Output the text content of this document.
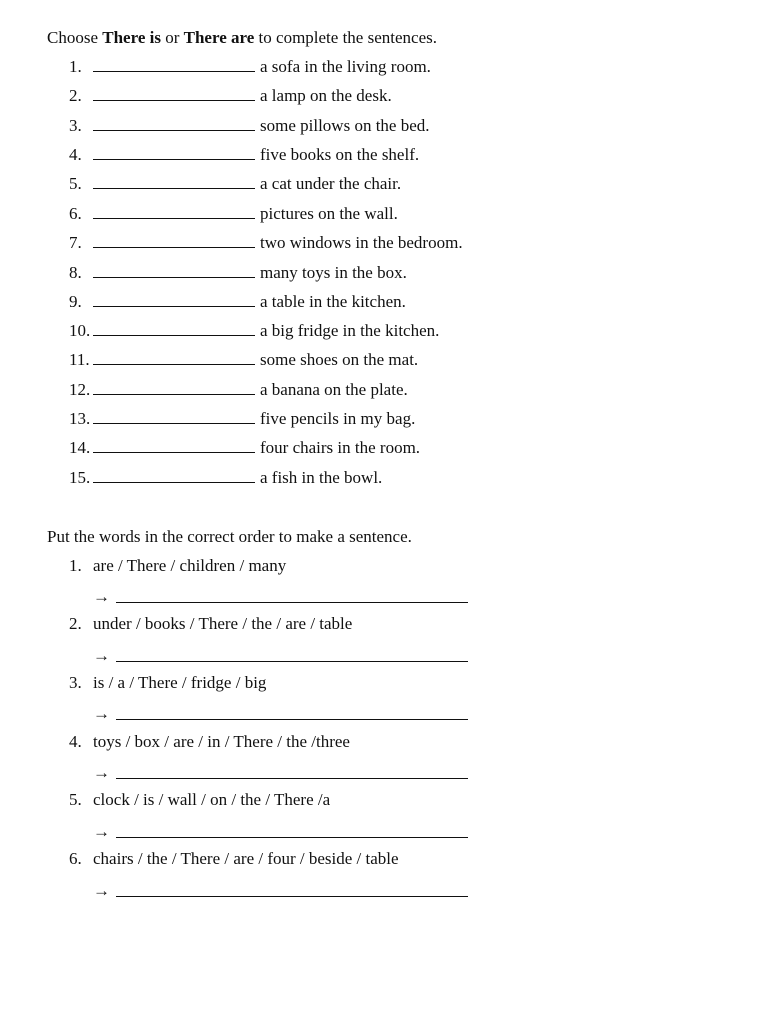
Choose There is or There are to complete the sentences.
1.	a sofa in the living room.
2.	a lamp on the desk.
3.	some pillows on the bed.
4.	five books on the shelf.
5.	a cat under the chair.
6.	pictures on the wall.
7.	two windows in the bedroom.
8.	many toys in the box.
9.	a table in the kitchen.
10.	a big fridge in the kitchen.
11.	some shoes on the mat.
12.	a banana on the plate.
13.	five pencils in my bag.
14.	four chairs in the room.
15.	a fish in the bowl.
Put the words in the correct order to make a sentence.
1. are / There / children / many
→
2. under / books / There / the / are / table
→
3. is / a / There / fridge / big
→
4. toys / box / are / in / There / the /three
→
5. clock / is / wall / on / the / There /a
→
6. chairs / the / There / are / four / beside / table
→
